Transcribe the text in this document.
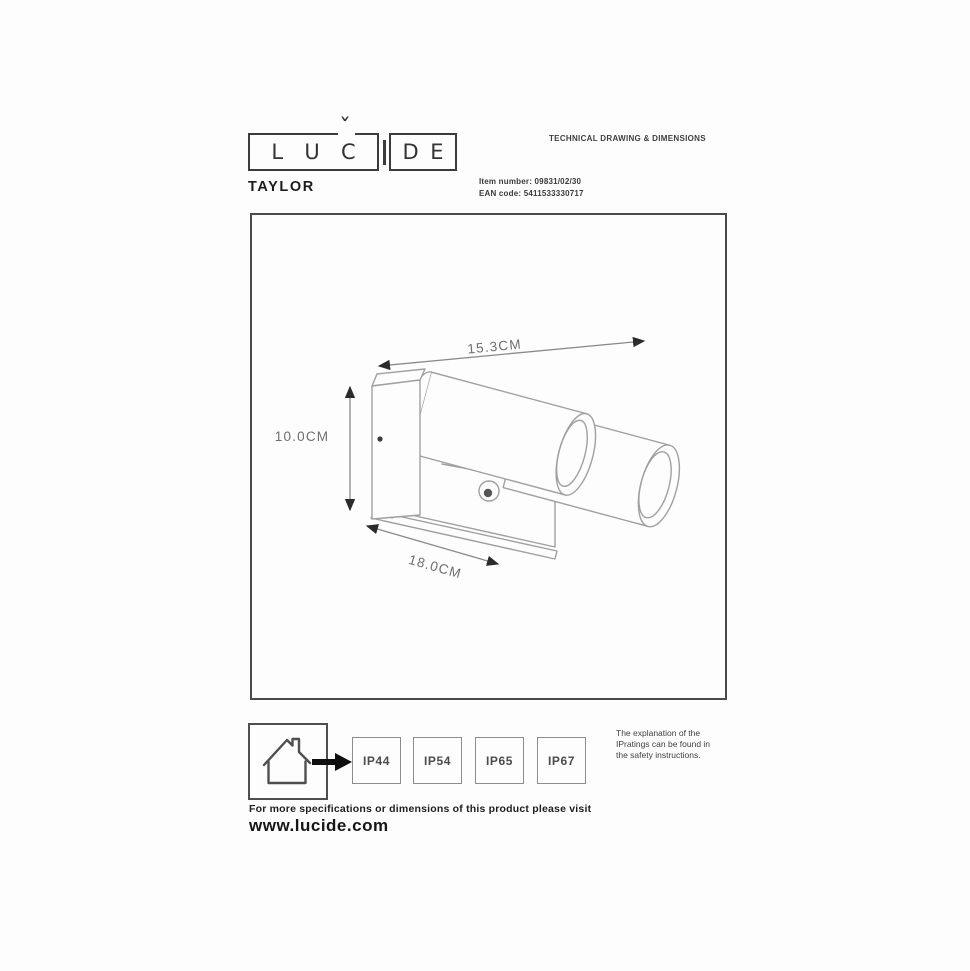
L U C D E
ˇ	TECHNICAL DRAWING & DIMENSIONS
TAYLOR	Item number: 09831/02/30
EAN code: 5411533330717
15.3CM
10.0CM
18.0CM
IP44	IP54	IP65	IP67
The explanation of the IPratings can be found in the safety instructions.
For more specifications or dimensions of this product please visit
www.lucide.com
